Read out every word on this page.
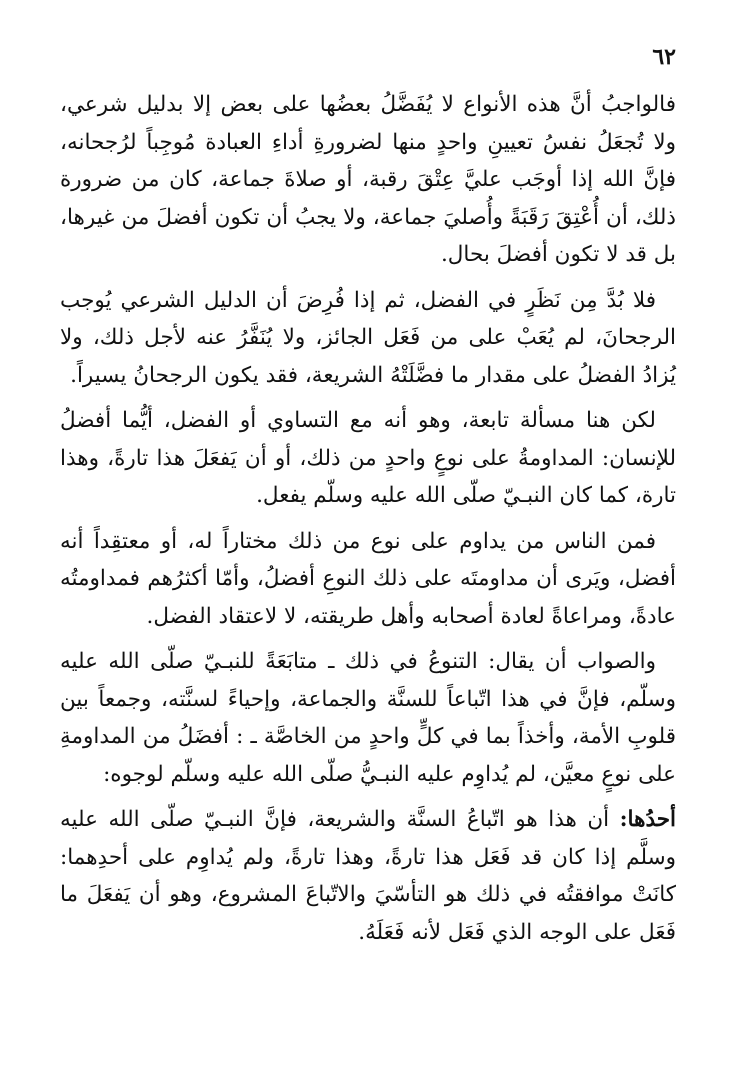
٦٢

فالواجبُ أنَّ هذه الأنواع لا يُفَضَّلُ بعضُها على بعض إلا بدليل شرعي، ولا تُجعَلُ نفسُ تعيينِ واحدٍ منها لضرورةِ أداءِ العبادة مُوجِباً لرُجحانه، فإنَّ الله إذا أوجَب عليَّ عِتْقَ رقبة، أو صلاةَ جماعة، كان من ضرورة ذلك، أن أُعْتِقَ رَقَبَةً وأُصليَ جماعة، ولا يجبُ أن تكون أفضلَ من غيرها، بل قد لا تكون أفضلَ بحال.

فلا بُدَّ مِن نَظَرٍ في الفضل، ثم إذا فُرِضَ أن الدليل الشرعي يُوجب الرجحانَ، لم يُعَبْ على من فَعَل الجائز، ولا يُنَفَّرُ عنه لأجل ذلك، ولا يُزادُ الفضلُ على مقدار ما فضَّلَتْهُ الشريعة، فقد يكون الرجحانُ يسيراً.

لكن هنا مسألة تابعة، وهو أنه مع التساوي أو الفضل، أيُّما أفضلُ للإنسان: المداومةُ على نوعٍ واحدٍ من ذلك، أو أن يَفعَلَ هذا تارةً، وهذا تارة، كما كان النبـيّ صلّى الله عليه وسلّم يفعل.

فمن الناس من يداوم على نوع من ذلك مختاراً له، أو معتقِداً أنه أفضل، ويَرى أن مداومتَه على ذلك النوعِ أفضلُ، وأمّا أكثرُهم فمداومتُه عادةً، ومراعاةً لعادة أصحابه وأهل طريقته، لا لاعتقاد الفضل.

والصواب أن يقال: التنوعُ في ذلك ـ متابَعَةً للنبـيّ صلّى الله عليه وسلّم، فإنَّ في هذا اتّباعاً للسنَّة والجماعة، وإحياءً لسنَّته، وجمعاً بين قلوبِ الأمة، وأخذاً بما في كلٍّ واحدٍ من الخاصَّة ـ : أفضَلُ من المداومةِ على نوعٍ معيَّن، لم يُداوِم عليه النبـيُّ صلّى الله عليه وسلّم لوجوه:

أحدُها: أن هذا هو اتّباعُ السنَّة والشريعة، فإنَّ النبـيّ صلّى الله عليه وسلَّم إذا كان قد فَعَل هذا تارةً، وهذا تارةً، ولم يُداوِم على أحدِهما: كانَتْ موافقتُه في ذلك هو التأسّيَ والاتّباعَ المشروع، وهو أن يَفعَلَ ما فَعَل على الوجه الذي فَعَل لأنه فَعَلَهُ.
